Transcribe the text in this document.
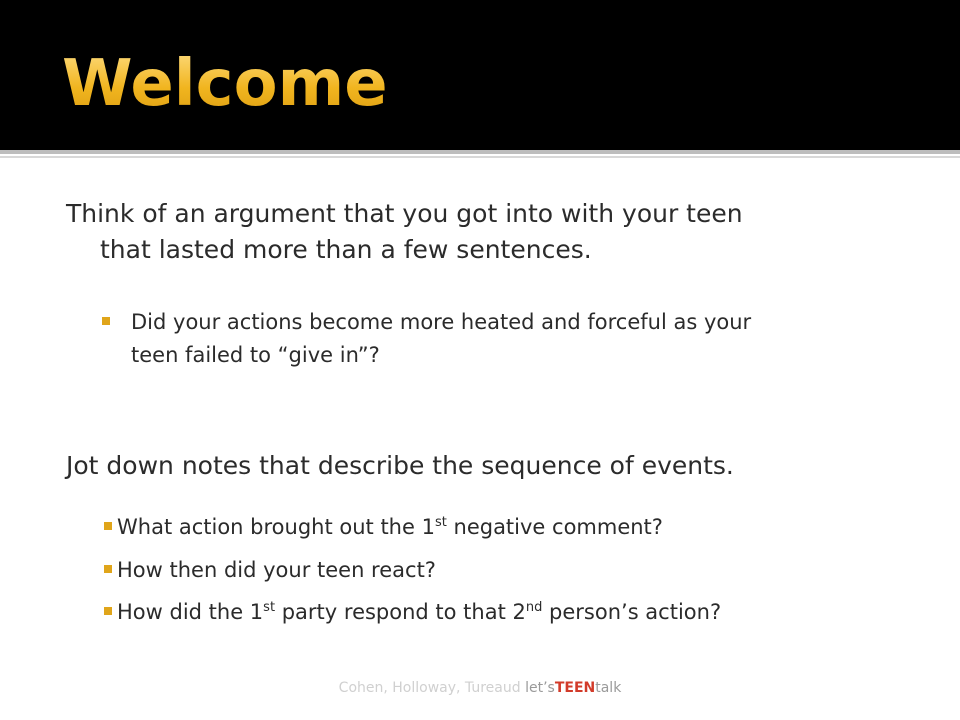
Welcome
Think of an argument that you got into with your teen
that lasted more than a few sentences.
Did your actions become more heated and forceful as your
teen failed to “give in”?
Jot down notes that describe the sequence of events.
What action brought out the 1st negative comment?
How then did your teen react?
How did the 1st party respond to that 2nd person’s action?
Cohen, Holloway, Tureaud let’sTEENtalk
